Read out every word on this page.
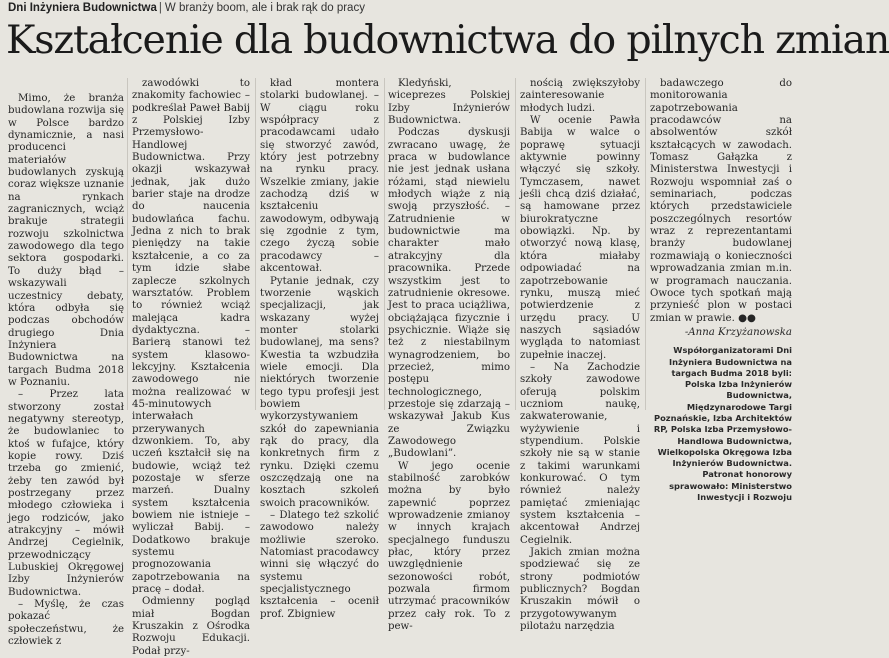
Dni Inżyniera Budownictwa | W branży boom, ale i brak rąk do pracy
Kształcenie dla budownictwa do pilnych zmian

Mimo, że branża budowlana rozwija się w Polsce bardzo dynamicznie, a nasi producenci materiałów budowlanych zyskują coraz większe uznanie na rynkach zagranicznych, wciąż brakuje strategii rozwoju szkolnictwa zawodowego dla tego sektora gospodarki. To duży błąd – wskazywali uczestnicy debaty, która odbyła się podczas obchodów drugiego Dnia Inżyniera Budownictwa na targach Budma 2018 w Poznaniu.

– Przez lata stworzony został negatywny stereotyp, że budowlaniec to ktoś w fufajce, który kopie rowy. Dziś trzeba go zmienić, żeby ten zawód był postrzegany przez młodego człowieka i jego rodziców, jako atrakcyjny – mówił Andrzej Cegielnik, przewodniczący Lubuskiej Okręgowej Izby Inżynierów Budownictwa.

– Myślę, że czas pokazać społeczeństwu, że człowiek z

zawodówki to znakomity fachowiec – podkreślał Paweł Babij z Polskiej Izby Przemysłowo-Handlowej Budownictwa. Przy okazji wskazywał jednak, jak dużo barier staje na drodze do naucenia budowlańca fachu. Jedna z nich to brak pieniędzy na takie kształcenie, a co za tym idzie słabe zaplecze szkolnych warsztatów. Problem to również wciąż malejąca kadra dydaktyczna. – Barierą stanowi też system klasowo-lekcyjny. Kształcenia zawodowego nie można realizować w 45-minutowych interwałach przerywanych dzwonkiem. To, aby uczeń kształcił się na budowie, wciąż też pozostaje w sferze marzeń. Dualny system kształcenia bowiem nie istnieje – wyliczał Babij. – Dodatkowo brakuje systemu prognozowania zapotrzebowania na pracę – dodał.

Odmienny pogląd miał Bogdan Kruszakin z Ośrodka Rozwoju Edukacji. Podał przy-

kład montera stolarki budowlanej. – W ciągu roku współpracy z pracodawcami udało się stworzyć zawód, który jest potrzebny na rynku pracy. Wszelkie zmiany, jakie zachodzą dziś w kształceniu zawodowym, odbywają się zgodnie z tym, czego życzą sobie pracodawcy – akcentował.

Pytanie jednak, czy tworzenie wąskich specjalizacji, jak wskazany wyżej monter stolarki budowlanej, ma sens? Kwestia ta wzbudziła wiele emocji. Dla niektórych tworzenie tego typu profesji jest bowiem wykorzystywaniem szkół do zapewniania rąk do pracy, dla konkretnych firm z rynku. Dzięki czemu oszczędzają one na kosztach szkoleń swoich pracowników.

– Dlatego też szkolić zawodowo należy możliwie szeroko. Natomiast pracodawcy winni się włączyć do systemu specjalistycznego kształcenia – ocenił prof. Zbigniew

Kledyński, wiceprezes Polskiej Izby Inżynierów Budownictwa.

Podczas dyskusji zwracano uwagę, że praca w budowlance nie jest jednak usłana różami, stąd niewielu młodych wiąże z nią swoją przyszłość. – Zatrudnienie w budownictwie ma charakter mało atrakcyjny dla pracownika. Przede wszystkim jest to zatrudnienie okresowe. Jest to praca uciążliwa, obciążająca fizycznie i psychicznie. Wiąże się też z niestabilnym wynagrodzeniem, bo przecież, mimo postępu technologicznego, przestoje się zdarzają – wskazywał Jakub Kus ze Związku Zawodowego „Budowlani”.

W jego ocenie stabilność zarobków można by było zapewnić poprzez wprowadzenie zmianoy w innych krajach specjalnego funduszu płac, który przez uwzględnienie sezonowości robót, pozwala firmom utrzymać pracowników przez cały rok. To z pew-

nością zwiększyłoby zainteresowanie młodych ludzi.

W ocenie Pawła Babija w walce o poprawę sytuacji aktywnie powinny włączyć się szkoły. Tymczasem, nawet jeśli chcą dziś działać, są hamowane przez biurokratyczne obowiązki. Np. by otworzyć nową klasę, która miałaby odpowiadać na zapotrzebowanie rynku, muszą mieć potwierdzenie z urzędu pracy. U naszych sąsiadów wygląda to natomiast zupełnie inaczej.

– Na Zachodzie szkoły zawodowe oferują polskim uczniom naukę, zakwaterowanie, wyżywienie i stypendium. Polskie szkoły nie są w stanie z takimi warunkami konkurować. O tym również należy pamiętać zmieniając system kształcenia – akcentował Andrzej Cegielnik.

Jakich zmian można spodziewać się ze strony podmiotów publicznych? Bogdan Kruszakin mówił o przygotowywanym pilotażu narzędzia

badawczego do monitorowania zapotrzebowania pracodawców na absolwentów szkół kształcących w zawodach. Tomasz Gałązka z Ministerstwa Inwestycji i Rozwoju wspomniał zaś o seminariach, podczas których przedstawiciele poszczególnych resortów wraz z reprezentantami branży budowlanej rozmawiają o konieczności wprowadzania zmian m.in. w programach nauczania. Owoce tych spotkań mają przynieść plon w postaci zmian w prawie. ●●

-Anna Krzyżanowska

Współorganizatorami Dni Inżyniera Budownictwa na targach Budma 2018 byli: Polska Izba Inżynierów Budownictwa, Międzynarodowe Targi Poznańskie, Izba Architektów RP, Polska Izba Przemysłowo-Handlowa Budownictwa, Wielkopolska Okręgowa Izba Inżynierów Budownictwa. Patronat honorowy sprawowało: Ministerstwo Inwestycji i Rozwoju
